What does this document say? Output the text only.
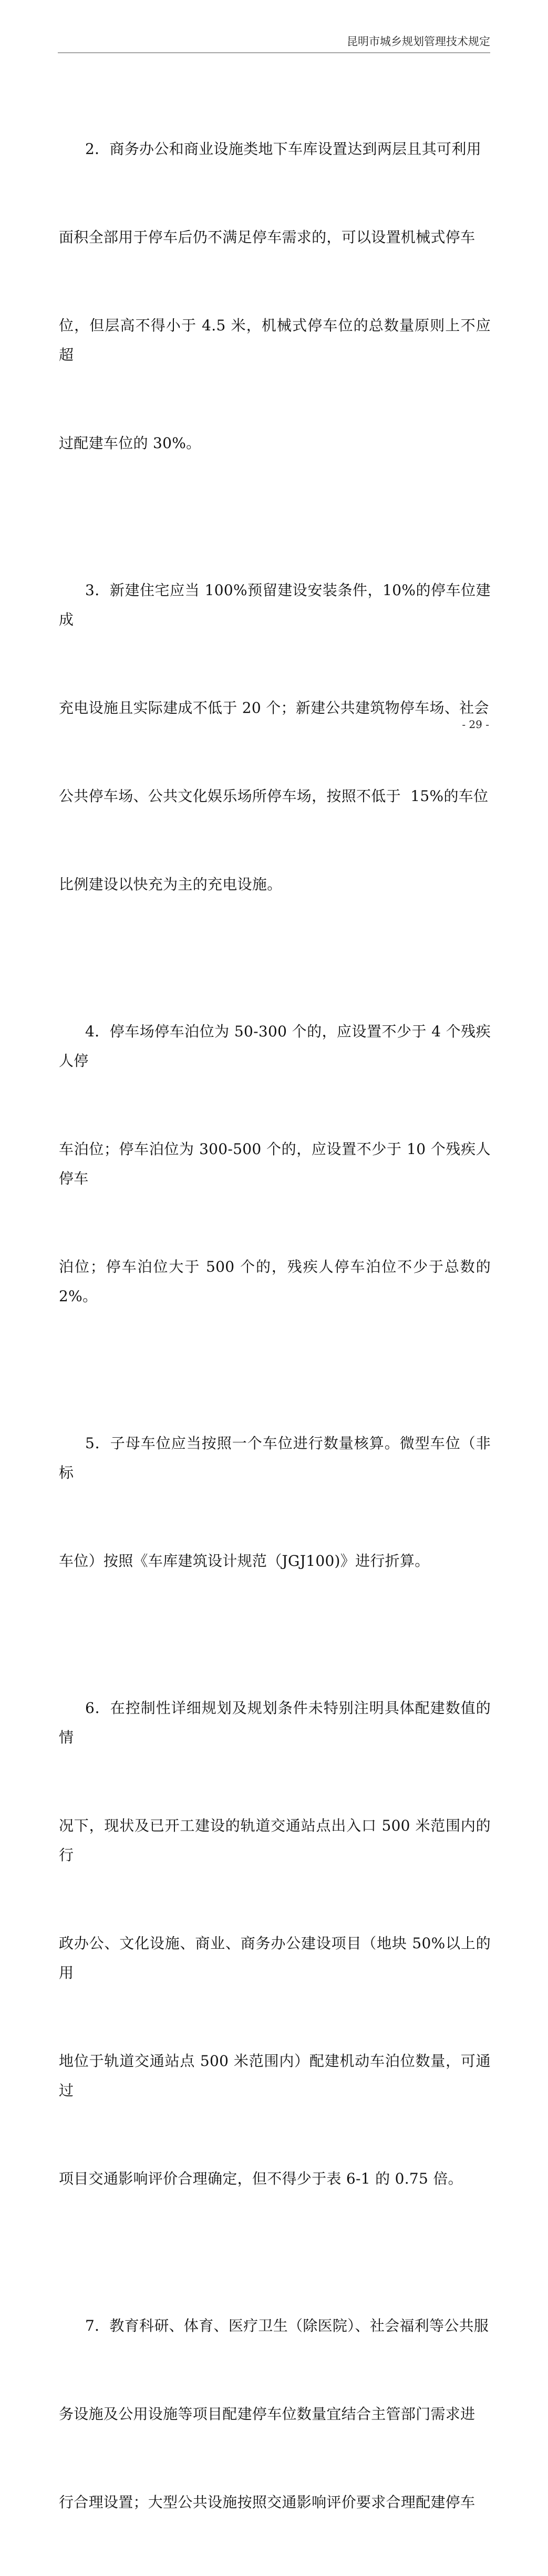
昆明市城乡规划管理技术规定

2．商务办公和商业设施类地下车库设置达到两层且其可利用

面积全部用于停车后仍不满足停车需求的，可以设置机械式停车

位，但层高不得小于 4.5 米，机械式停车位的总数量原则上不应超

过配建车位的 30%。

3．新建住宅应当 100%预留建设安装条件，10%的停车位建成

充电设施且实际建成不低于 20 个；新建公共建筑物停车场、社会

公共停车场、公共文化娱乐场所停车场，按照不低于  15%的车位

比例建设以快充为主的充电设施。

4．停车场停车泊位为 50-300 个的，应设置不少于 4 个残疾人停

车泊位；停车泊位为 300-500 个的，应设置不少于 10 个残疾人停车

泊位；停车泊位大于 500 个的，残疾人停车泊位不少于总数的 2%。

5．子母车位应当按照一个车位进行数量核算。微型车位（非标

车位）按照《车库建筑设计规范（JGJ100)》进行折算。

6．在控制性详细规划及规划条件未特别注明具体配建数值的情

况下，现状及已开工建设的轨道交通站点出入口 500 米范围内的行

政办公、文化设施、商业、商务办公建设项目（地块 50%以上的用

地位于轨道交通站点 500 米范围内）配建机动车泊位数量，可通过

项目交通影响评价合理确定，但不得少于表 6-1 的 0.75 倍。

7．教育科研、体育、医疗卫生（除医院）、社会福利等公共服

务设施及公用设施等项目配建停车位数量宜结合主管部门需求进

行合理设置；大型公共设施按照交通影响评价要求合理配建停车

- 29 -
